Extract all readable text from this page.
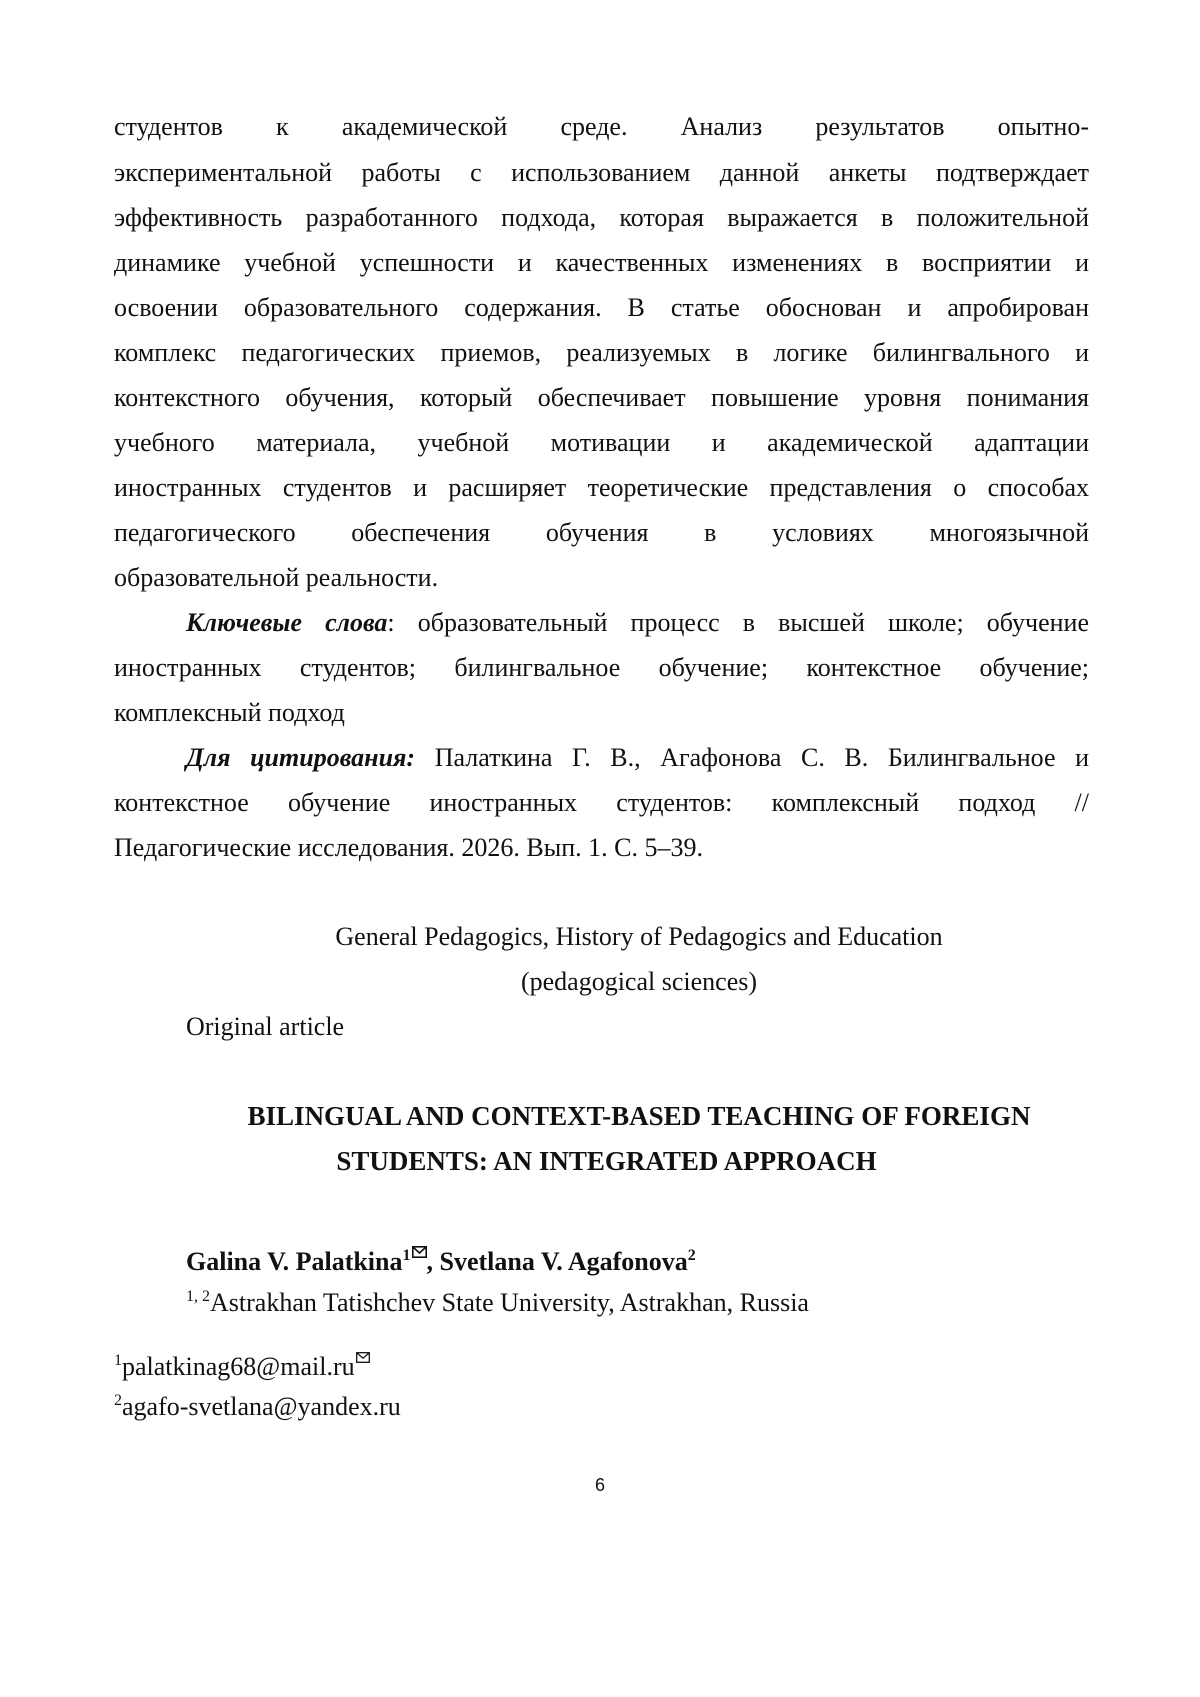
студентов к академической среде. Анализ результатов опытно-
экспериментальной работы с использованием данной анкеты подтверждает
эффективность разработанного подхода, которая выражается в положительной
динамике учебной успешности и качественных изменениях в восприятии и
освоении образовательного содержания. В статье обоснован и апробирован
комплекс педагогических приемов, реализуемых в логике билингвального и
контекстного обучения, который обеспечивает повышение уровня понимания
учебного материала, учебной мотивации и академической адаптации
иностранных студентов и расширяет теоретические представления о способах
педагогического обеспечения обучения в условиях многоязычной
образовательной реальности.
Ключевые слова: образовательный процесс в высшей школе; обучение
иностранных студентов; билингвальное обучение; контекстное обучение;
комплексный подход
Для цитирования: Палаткина Г. В., Агафонова С. В. Билингвальное и
контекстное обучение иностранных студентов: комплексный подход //
Педагогические исследования. 2026. Вып. 1. С. 5–39.
General Pedagogics, History of Pedagogics and Education
(pedagogical sciences)
Original article
BILINGUAL AND CONTEXT-BASED TEACHING OF FOREIGN
STUDENTS: AN INTEGRATED APPROACH
Galina V. Palatkina$^1$ , Svetlana V. Agafonova$^2$
$^{1, 2}$Astrakhan Tatishchev State University, Astrakhan, Russia
$^1$palatkinag68@mail.ru
$^2$agafo-svetlana@yandex.ru
6
